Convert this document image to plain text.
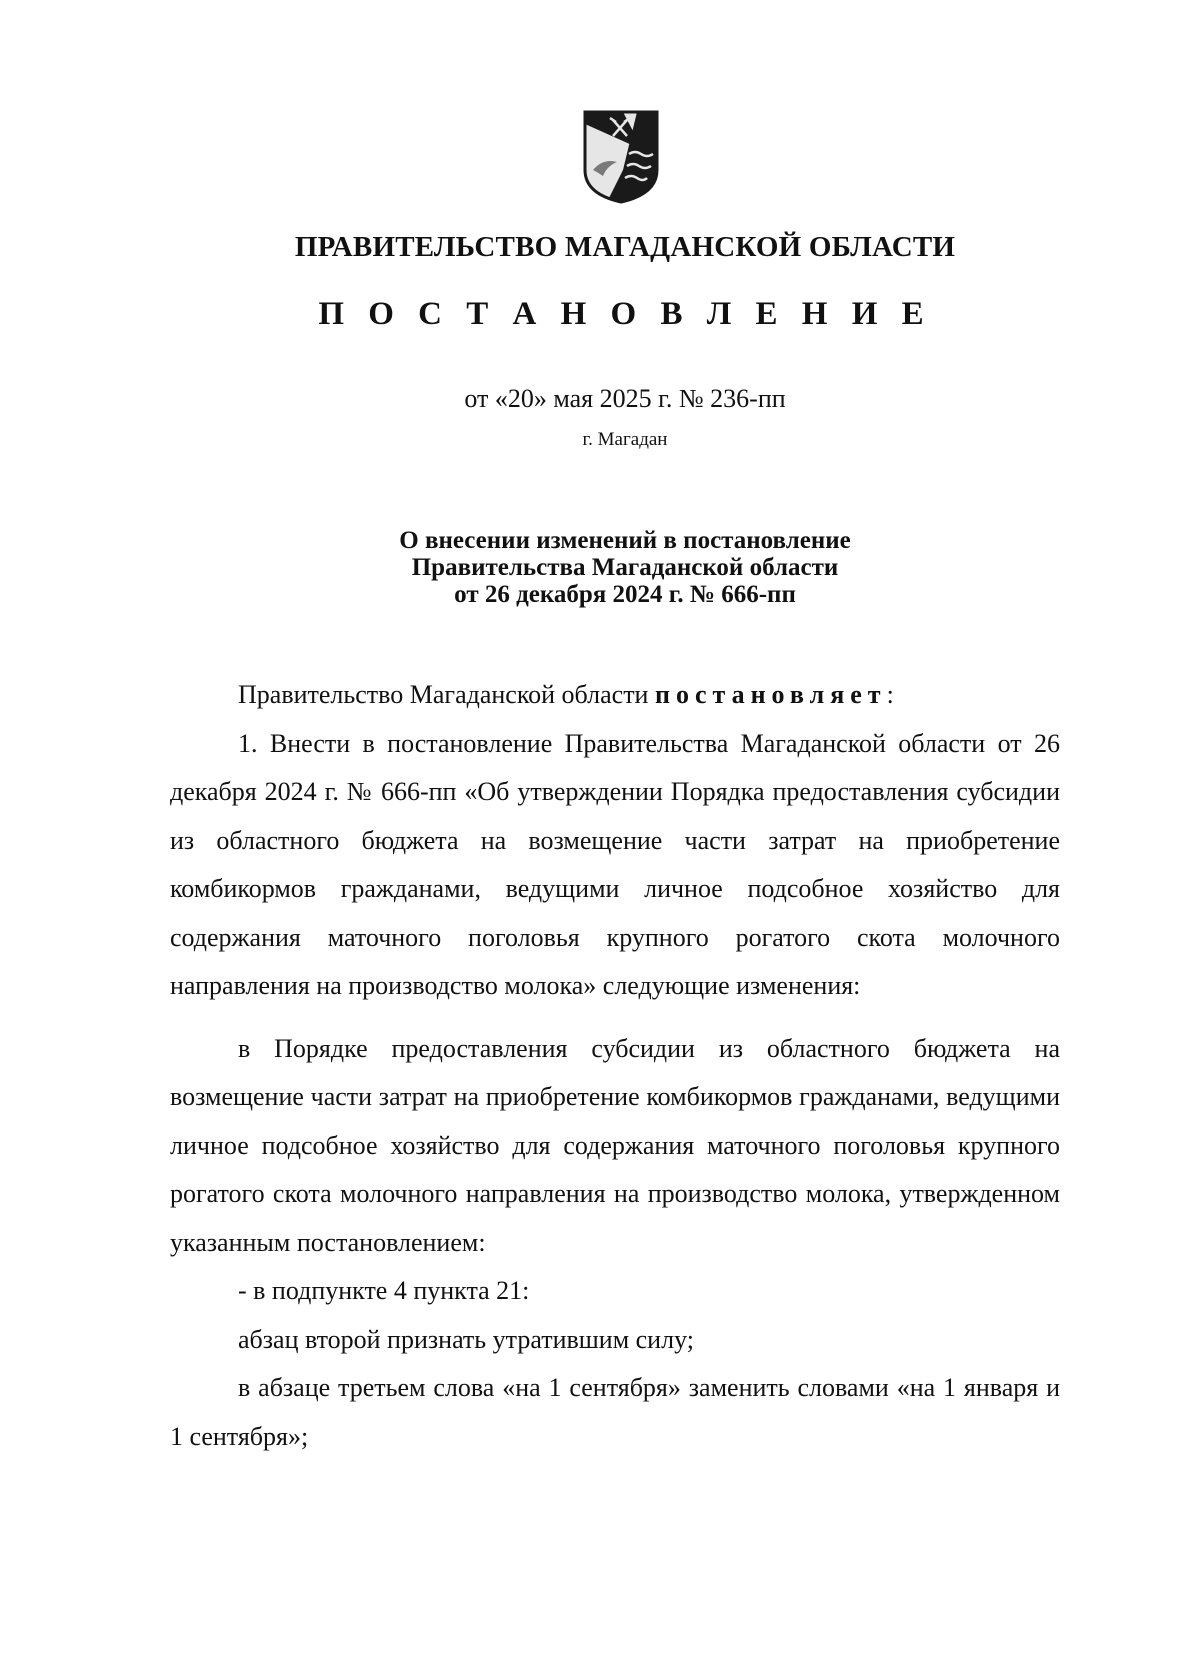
ПРАВИТЕЛЬСТВО МАГАДАНСКОЙ ОБЛАСТИ
П О С Т А Н О В Л Е Н И Е
от «20» мая 2025 г. № 236-пп
г. Магадан
О внесении изменений в постановление
Правительства Магаданской области
от 26 декабря 2024 г. № 666-пп

Правительство Магаданской области постановляет:

1. Внести в постановление Правительства Магаданской области от 26 декабря 2024 г. № 666-пп «Об утверждении Порядка предоставления субсидии из областного бюджета на возмещение части затрат на приобретение комбикормов гражданами, ведущими личное подсобное хозяйство для содержания маточного поголовья крупного рогатого скота молочного направления на производство молока» следующие изменения:

в Порядке предоставления субсидии из областного бюджета на возмещение части затрат на приобретение комбикормов гражданами, ведущими личное подсобное хозяйство для содержания маточного поголовья крупного рогатого скота молочного направления на производство молока, утвержденном указанным постановлением:

- в подпункте 4 пункта 21:

абзац второй признать утратившим силу;

в абзаце третьем слова «на 1 сентября» заменить словами «на 1 января и 1 сентября»;
